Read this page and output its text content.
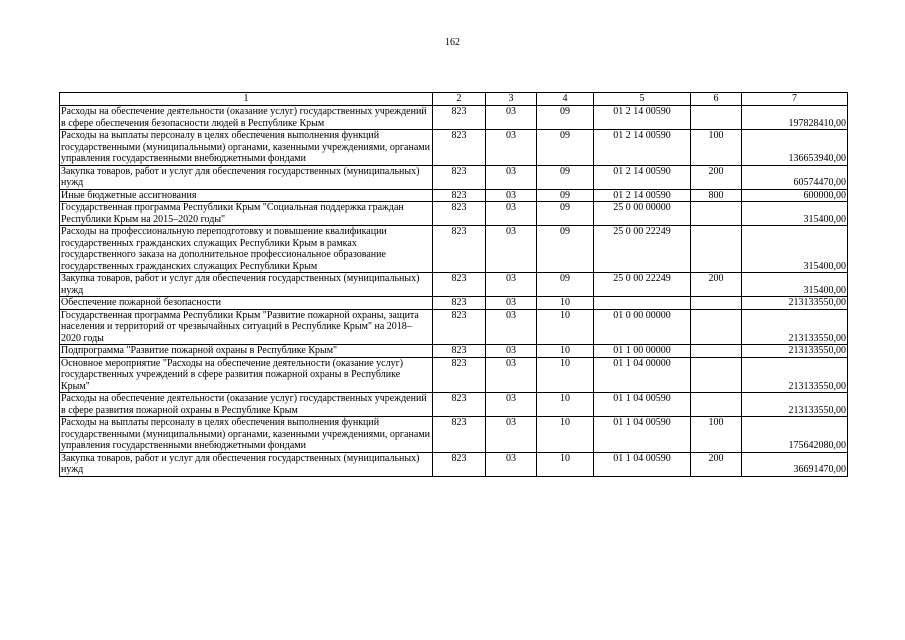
162
1	2	3	4	5	6	7
Расходы на обеспечение деятельности (оказание услуг) государственных учреждений в сфере обеспечения безопасности людей в Республике Крым	823	03	09	01 2 14 00590		197828410,00
Расходы на выплаты персоналу в целях обеспечения выполнения функций государственными (муниципальными) органами, казенными учреждениями, органами управления государственными внебюджетными фондами	823	03	09	01 2 14 00590	100	136653940,00
Закупка товаров, работ и услуг для обеспечения государственных (муниципальных) нужд	823	03	09	01 2 14 00590	200	60574470,00
Иные бюджетные ассигнования	823	03	09	01 2 14 00590	800	600000,00
Государственная программа Республики Крым "Социальная поддержка граждан Республики Крым на 2015–2020 годы"	823	03	09	25 0 00 00000		315400,00
Расходы на профессиональную переподготовку и повышение квалификации государственных гражданских служащих Республики Крым в рамках государственного заказа на дополнительное профессиональное образование государственных гражданских служащих Республики Крым	823	03	09	25 0 00 22249		315400,00
Закупка товаров, работ и услуг для обеспечения государственных (муниципальных) нужд	823	03	09	25 0 00 22249	200	315400,00
Обеспечение пожарной безопасности	823	03	10			213133550,00
Государственная программа Республики Крым "Развитие пожарной охраны, защита населения и территорий от чрезвычайных ситуаций в Республике Крым" на 2018–2020 годы	823	03	10	01 0 00 00000		213133550,00
Подпрограмма "Развитие пожарной охраны в Республике Крым"	823	03	10	01 1 00 00000		213133550,00
Основное мероприятие "Расходы на обеспечение деятельности (оказание услуг) государственных учреждений в сфере развития пожарной охраны в Республике Крым"	823	03	10	01 1 04 00000		213133550,00
Расходы на обеспечение деятельности (оказание услуг) государственных учреждений в сфере развития пожарной охраны в Республике Крым	823	03	10	01 1 04 00590		213133550,00
Расходы на выплаты персоналу в целях обеспечения выполнения функций государственными (муниципальными) органами, казенными учреждениями, органами управления государственными внебюджетными фондами	823	03	10	01 1 04 00590	100	175642080,00
Закупка товаров, работ и услуг для обеспечения государственных (муниципальных) нужд	823	03	10	01 1 04 00590	200	36691470,00
